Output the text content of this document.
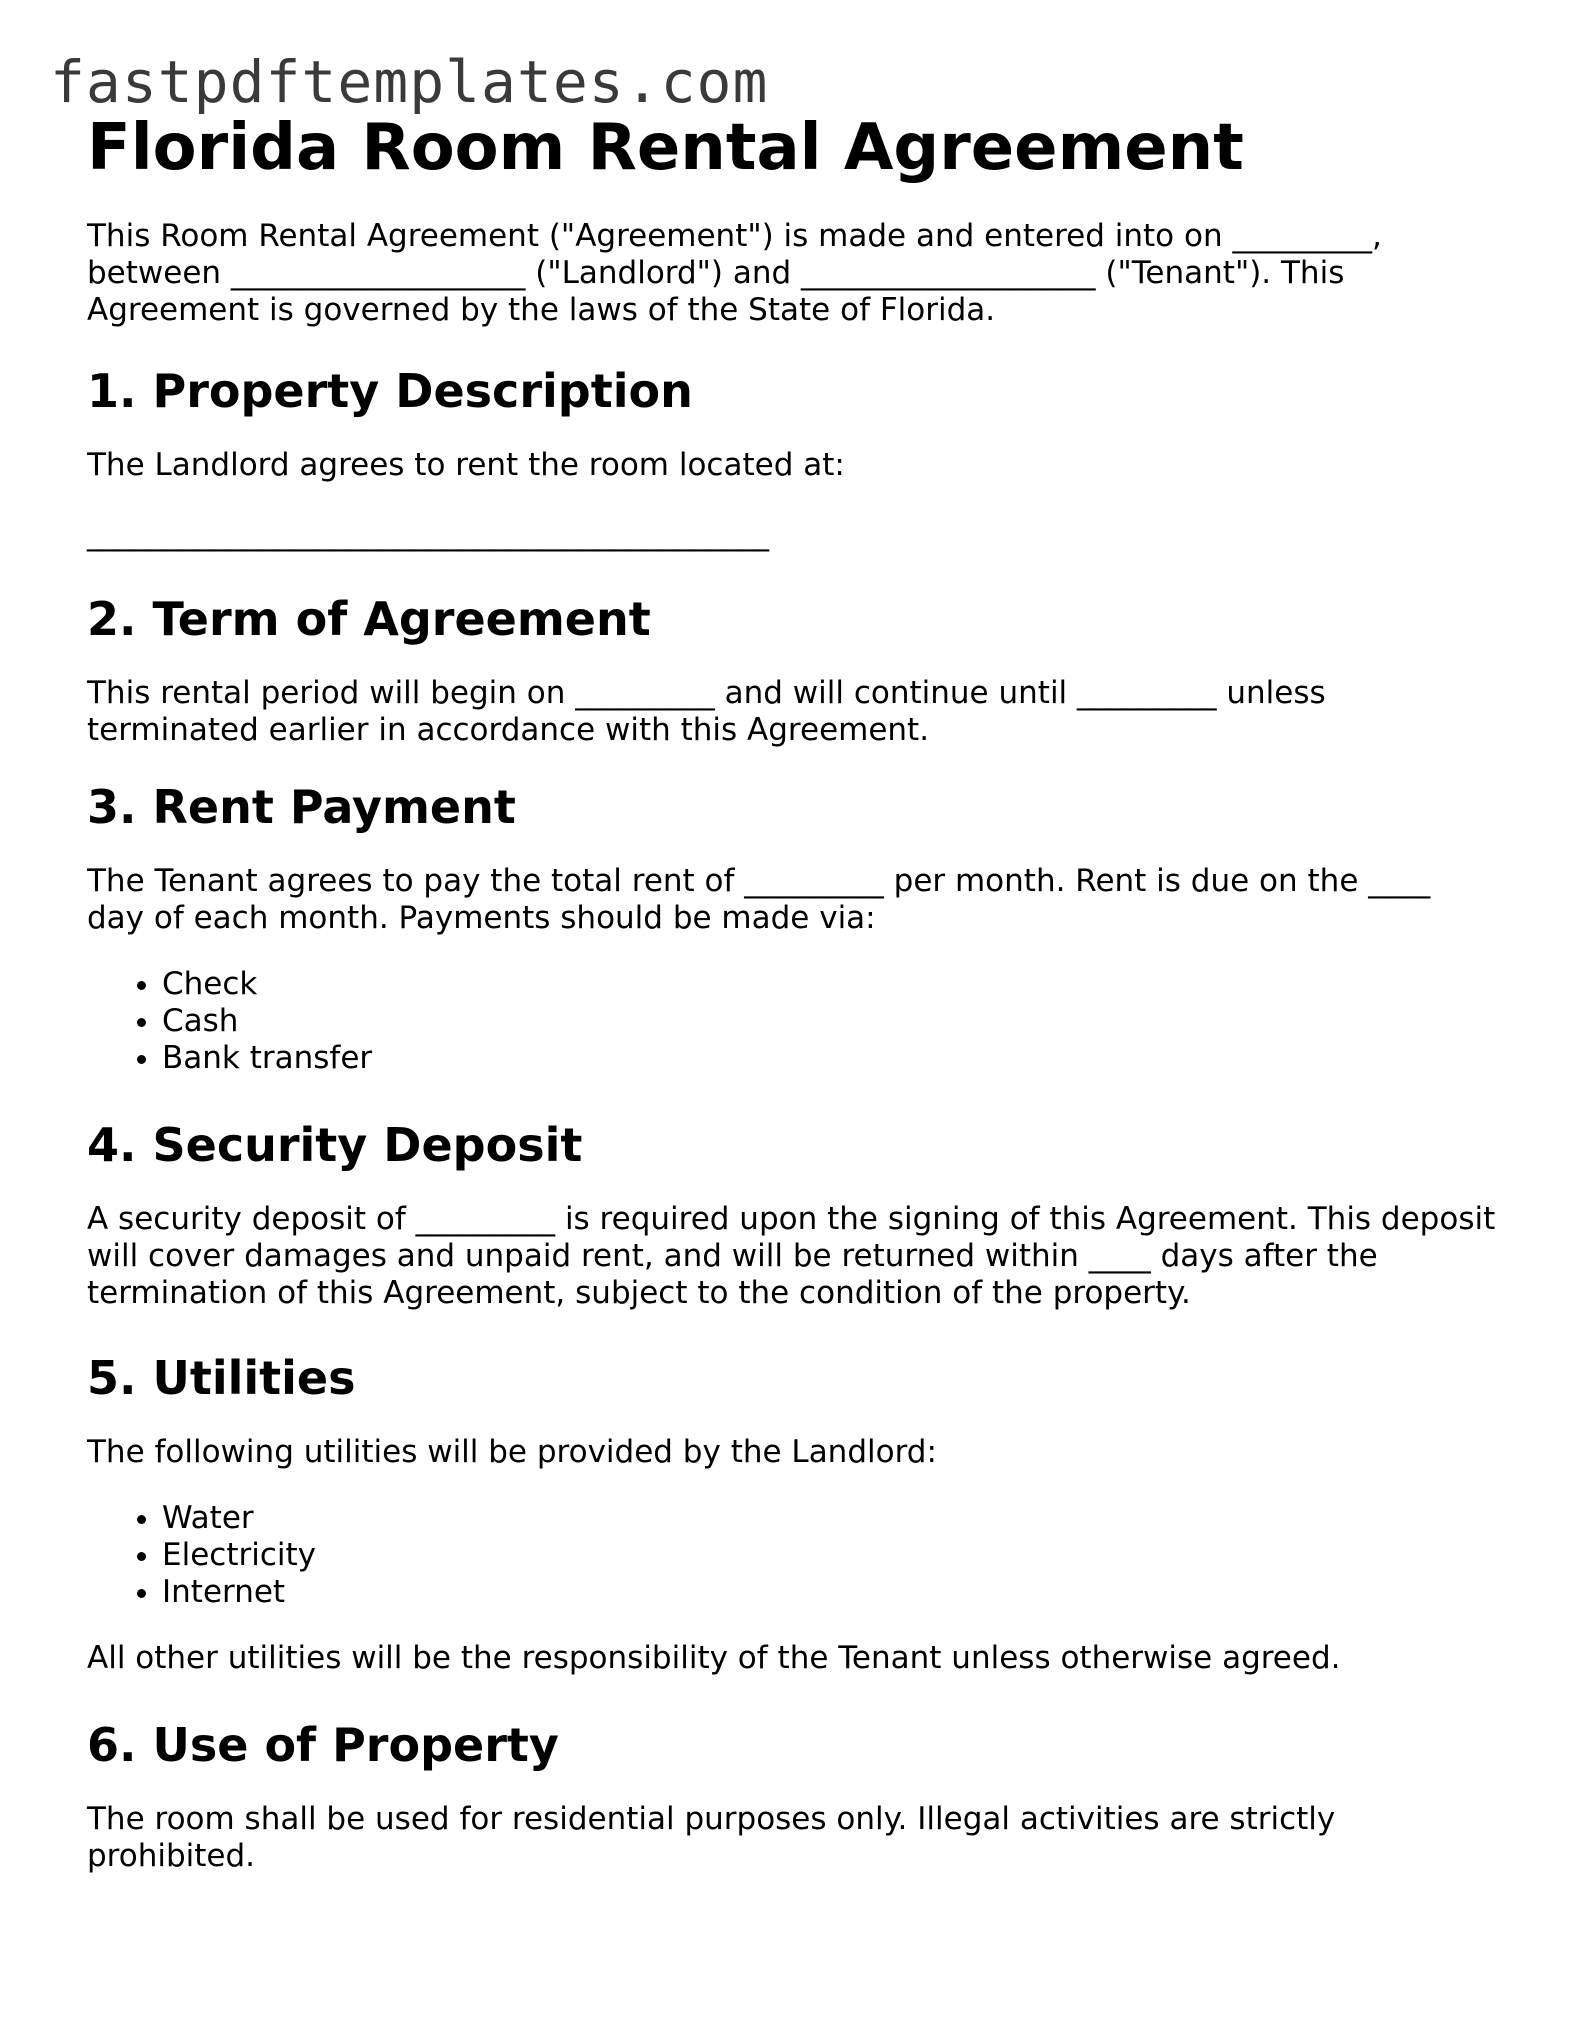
fastpdftemplates.com
Florida Room Rental Agreement

This Room Rental Agreement ("Agreement") is made and entered into on _________, between ___________________ ("Landlord") and ___________________ ("Tenant"). This Agreement is governed by the laws of the State of Florida.

1. Property Description

The Landlord agrees to rent the room located at:

____________________________________________

2. Term of Agreement

This rental period will begin on _________ and will continue until _________ unless terminated earlier in accordance with this Agreement.

3. Rent Payment

The Tenant agrees to pay the total rent of _________ per month. Rent is due on the ____ day of each month. Payments should be made via:

• Check
• Cash
• Bank transfer
4. Security Deposit

A security deposit of _________ is required upon the signing of this Agreement. This deposit will cover damages and unpaid rent, and will be returned within ____ days after the termination of this Agreement, subject to the condition of the property.

5. Utilities

The following utilities will be provided by the Landlord:

• Water
• Electricity
• Internet

All other utilities will be the responsibility of the Tenant unless otherwise agreed.

6. Use of Property

The room shall be used for residential purposes only. Illegal activities are strictly prohibited.
